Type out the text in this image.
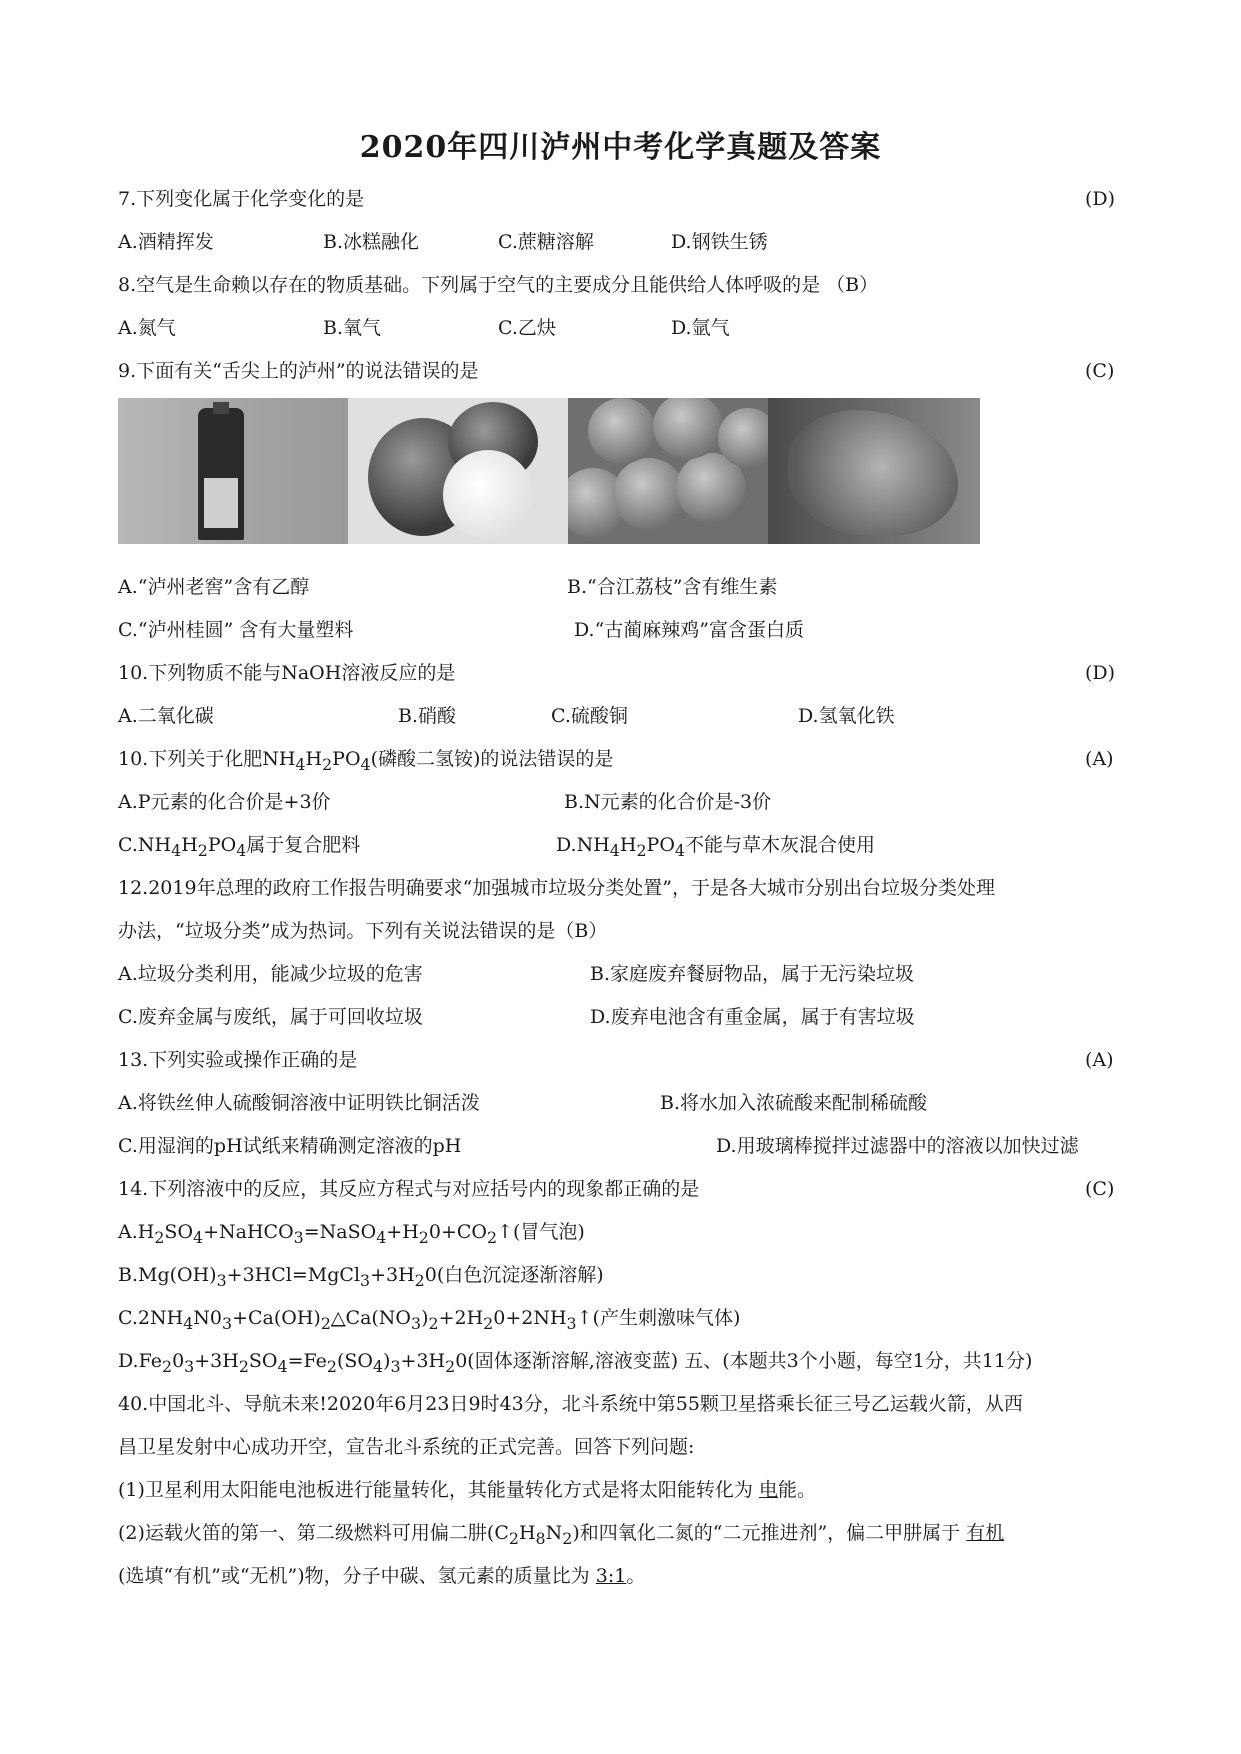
2020年四川泸州中考化学真题及答案
7.下列变化属于化学变化的是	(D)
A.酒精挥发	B.冰糕融化	C.蔗糖溶解	D.钢铁生锈
8.空气是生命赖以存在的物质基础。下列属于空气的主要成分且能供给人体呼吸的是 （B）
A.氮气	B.氧气	C.乙炔	D.氩气
9.下面有关“舌尖上的泸州”的说法错误的是	(C)
A.“泸州老窖”含有乙醇	B.“合江荔枝”含有维生素
C.“泸州桂圆” 含有大量塑料	D.“古蔺麻辣鸡”富含蛋白质
10.下列物质不能与NaOH溶液反应的是	(D)
A.二氧化碳	B.硝酸	C.硫酸铜	D.氢氧化铁
10.下列关于化肥$NH_4H_2PO_4$(磷酸二氢铵)的说法错误的是	(A)
A.P元素的化合价是+3价	B.N元素的化合价是-3价
$C.NH_4H_2PO_4$属于复合肥料	$D.NH_4H_2PO_4$不能与草木灰混合使用
12.2019年总理的政府工作报告明确要求“加强城市垃圾分类处置”，于是各大城市分别出台垃圾分类处理
办法，“垃圾分类”成为热词。下列有关说法错误的是（B）
A.垃圾分类利用，能减少垃圾的危害	B.家庭废弃餐厨物品，属于无污染垃圾
C.废弃金属与废纸，属于可回收垃圾	D.废弃电池含有重金属，属于有害垃圾
13.下列实验或操作正确的是	(A)
A.将铁丝伸人硫酸铜溶液中证明铁比铜活泼	B.将水加入浓硫酸来配制稀硫酸
C.用湿润的pH试纸来精确测定溶液的pH	D.用玻璃棒搅拌过滤器中的溶液以加快过滤
14.下列溶液中的反应，其反应方程式与对应括号内的现象都正确的是	(C)
$A.H_2SO_4+NaHCO_3=NaSO_4+H_20+CO_2↑$(冒气泡)
$B.Mg(OH)_3+3HCl=MgCl_3+3H_20$(白色沉淀逐渐溶解)
$C.2NH_4N0_3+Ca(OH)_2\triangle Ca(NO_3)_2+2H_20+2NH_3↑$(产生刺激味气体)
$D.Fe_20_3+3H_2SO_4=Fe_2(SO_4)_3+3H_20$(固体逐渐溶解,溶液变蓝) 五、(本题共3个小题，每空1分，共11分)
40.中国北斗、导航未来!2020年6月23日9时43分，北斗系统中第55颗卫星搭乘长征三号乙运载火箭，从西
昌卫星发射中心成功开空，宣告北斗系统的正式完善。回答下列问题:
(1)卫星利用太阳能电池板进行能量转化，其能量转化方式是将太阳能转化为 电能。
(2)运载火笛的第一、第二级燃料可用偏二肼$(C_2H_8N_2)$和四氧化二氮的“二元推进剂”，偏二甲肼属于 有机
(选填“有机”或“无机”)物，分子中碳、氢元素的质量比为 3:1。
